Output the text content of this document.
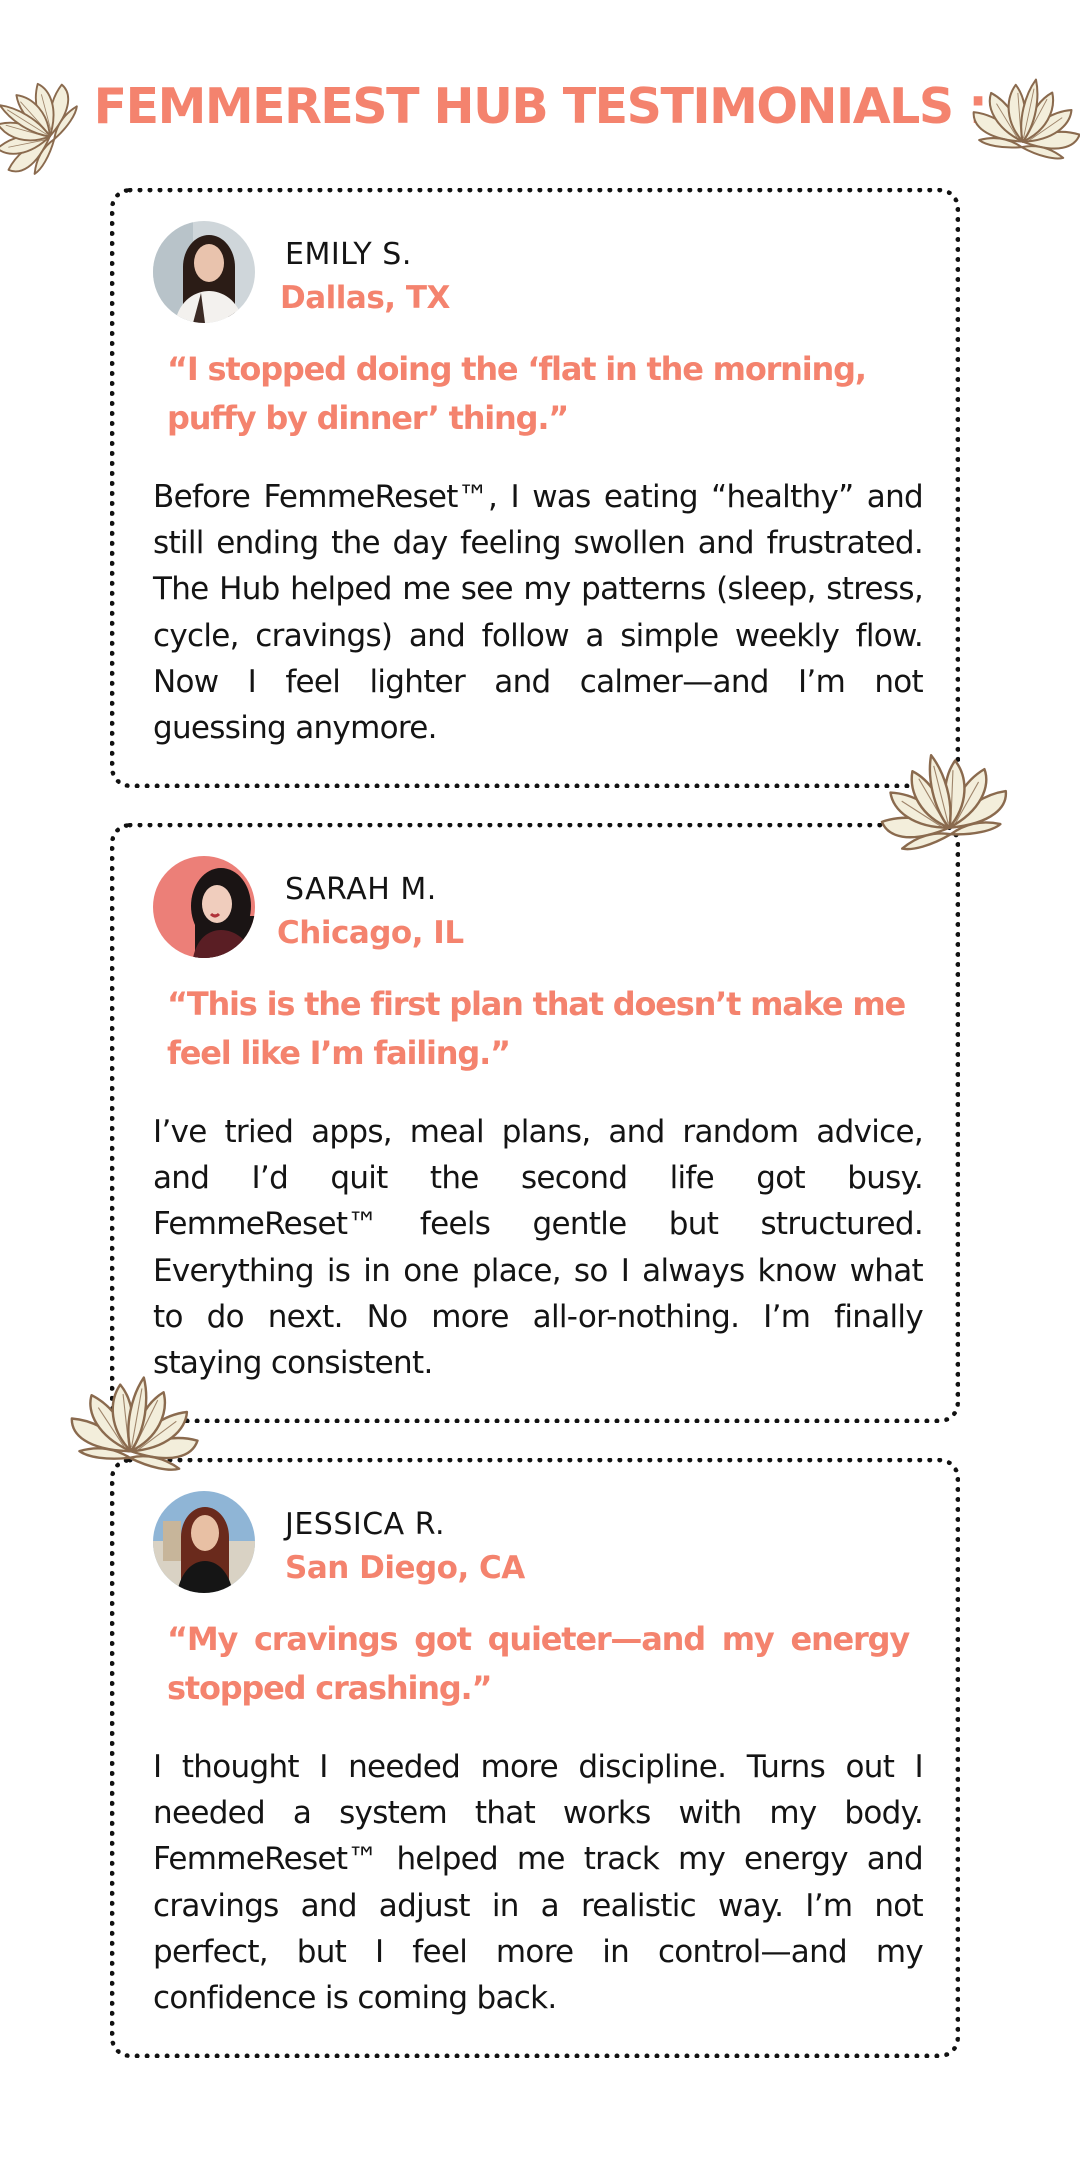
FEMMEREST HUB TESTIMONIALS :
EMILY S.
Dallas, TX

“I stopped doing the ‘flat in the morning, puffy by dinner’ thing.”

Before FemmeReset™, I was eating “healthy” and still ending the day feeling swollen and frustrated. The Hub helped me see my patterns (sleep, stress, cycle, cravings) and follow a simple weekly flow. Now I feel lighter and calmer—and I’m not guessing anymore.

SARAH M.
Chicago, IL

“This is the first plan that doesn’t make me feel like I’m failing.”

I’ve tried apps, meal plans, and random advice, and I’d quit the second life got busy. FemmeReset™ feels gentle but structured. Everything is in one place, so I always know what to do next. No more all-or-nothing. I’m finally staying consistent.

JESSICA R.
San Diego, CA

“My cravings got quieter—and my energy stopped crashing.”

I thought I needed more discipline. Turns out I needed a system that works with my body. FemmeReset™ helped me track my energy and cravings and adjust in a realistic way. I’m not perfect, but I feel more in control—and my confidence is coming back.
